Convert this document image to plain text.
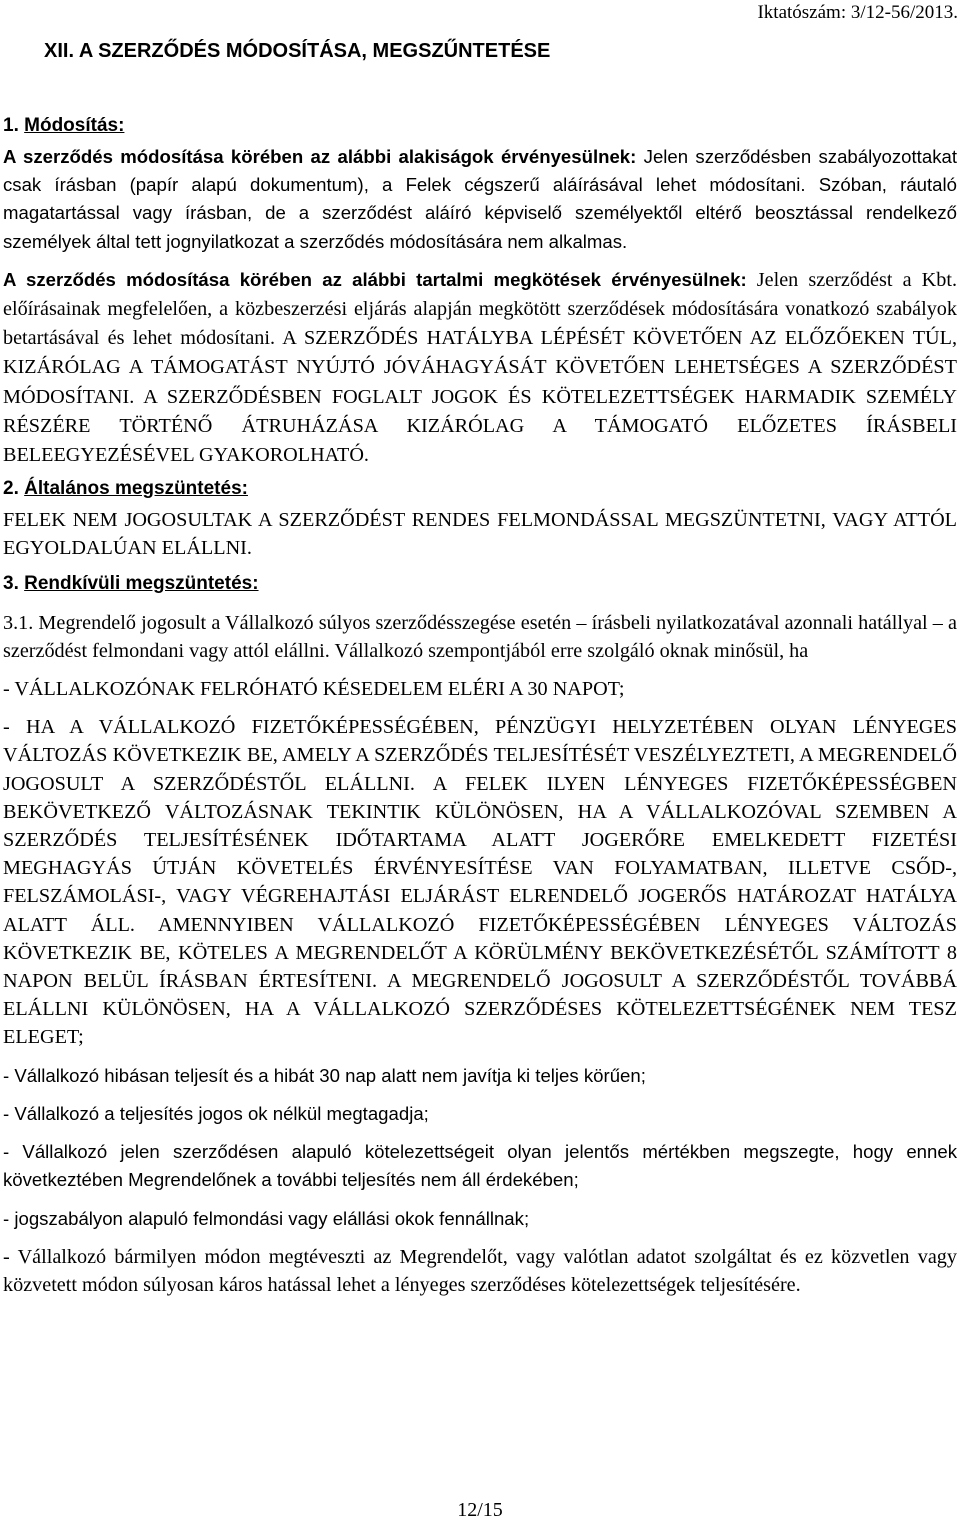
Iktatószám: 3/12-56/2013.
XII. A SZERZŐDÉS MÓDOSÍTÁSA, MEGSZŰNTETÉSE
1. Módosítás:

A szerződés módosítása körében az alábbi alakiságok érvényesülnek: Jelen szerződésben szabályozottakat csak írásban (papír alapú dokumentum), a Felek cégszerű aláírásával lehet módosítani. Szóban, ráutaló magatartással vagy írásban, de a szerződést aláíró képviselő személyektől eltérő beosztással rendelkező személyek által tett jognyilatkozat a szerződés módosítására nem alkalmas.

A szerződés módosítása körében az alábbi tartalmi megkötések érvényesülnek: Jelen szerződést a Kbt. előírásainak megfelelően, a közbeszerzési eljárás alapján megkötött szerződések módosítására vonatkozó szabályok betartásával és lehet módosítani. A SZERZŐDÉS HATÁLYBA LÉPÉSÉT KÖVETŐEN AZ ELŐZŐEKEN TÚL, KIZÁRÓLAG A TÁMOGATÁST NYÚJTÓ JÓVÁHAGYÁSÁT KÖVETŐEN LEHETSÉGES A SZERZŐDÉST MÓDOSÍTANI. A SZERZŐDÉSBEN FOGLALT JOGOK ÉS KÖTELEZETTSÉGEK HARMADIK SZEMÉLY RÉSZÉRE TÖRTÉNŐ ÁTRUHÁZÁSA KIZÁRÓLAG A TÁMOGATÓ ELŐZETES ÍRÁSBELI BELEEGYEZÉSÉVEL GYAKOROLHATÓ.

2. Általános megszüntetés:

FELEK NEM JOGOSULTAK A SZERZŐDÉST RENDES FELMONDÁSSAL MEGSZÜNTETNI, VAGY ATTÓL EGYOLDALÚAN ELÁLLNI.

3. Rendkívüli megszüntetés:

3.1. Megrendelő jogosult a Vállalkozó súlyos szerződésszegése esetén – írásbeli nyilatkozatával azonnali hatállyal – a szerződést felmondani vagy attól elállni. Vállalkozó szempontjából erre szolgáló oknak minősül, ha

- VÁLLALKOZÓNAK FELRÓHATÓ KÉSEDELEM ELÉRI A 30 NAPOT;

- HA A VÁLLALKOZÓ FIZETŐKÉPESSÉGÉBEN, PÉNZÜGYI HELYZETÉBEN OLYAN LÉNYEGES VÁLTOZÁS KÖVETKEZIK BE, AMELY A SZERZŐDÉS TELJESÍTÉSÉT VESZÉLYEZTETI, A MEGRENDELŐ JOGOSULT A SZERZŐDÉSTŐL ELÁLLNI. A FELEK ILYEN LÉNYEGES FIZETŐKÉPESSÉGBEN BEKÖVETKEZŐ VÁLTOZÁSNAK TEKINTIK KÜLÖNÖSEN, HA A VÁLLALKOZÓVAL SZEMBEN A SZERZŐDÉS TELJESÍTÉSÉNEK IDŐTARTAMA ALATT JOGERŐRE EMELKEDETT FIZETÉSI MEGHAGYÁS ÚTJÁN KÖVETELÉS ÉRVÉNYESÍTÉSE VAN FOLYAMATBAN, ILLETVE CSŐD-, FELSZÁMOLÁSI-, VAGY VÉGREHAJTÁSI ELJÁRÁST ELRENDELŐ JOGERŐS HATÁROZAT HATÁLYA ALATT ÁLL. AMENNYIBEN VÁLLALKOZÓ FIZETŐKÉPESSÉGÉBEN LÉNYEGES VÁLTOZÁS KÖVETKEZIK BE, KÖTELES A MEGRENDELŐT A KÖRÜLMÉNY BEKÖVETKEZÉSÉTŐL SZÁMÍTOTT 8 NAPON BELÜL ÍRÁSBAN ÉRTESÍTENI. A MEGRENDELŐ JOGOSULT A SZERZŐDÉSTŐL TOVÁBBÁ ELÁLLNI KÜLÖNÖSEN, HA A VÁLLALKOZÓ SZERZŐDÉSES KÖTELEZETTSÉGÉNEK NEM TESZ ELEGET;

- Vállalkozó hibásan teljesít és a hibát 30 nap alatt nem javítja ki teljes körűen;

- Vállalkozó a teljesítés jogos ok nélkül megtagadja;

- Vállalkozó jelen szerződésen alapuló kötelezettségeit olyan jelentős mértékben megszegte, hogy ennek következtében Megrendelőnek a további teljesítés nem áll érdekében;

- jogszabályon alapuló felmondási vagy elállási okok fennállnak;

- Vállalkozó bármilyen módon megtéveszti az Megrendelőt, vagy valótlan adatot szolgáltat és ez közvetlen vagy közvetett módon súlyosan káros hatással lehet a lényeges szerződéses kötelezettségek teljesítésére.

12/15
